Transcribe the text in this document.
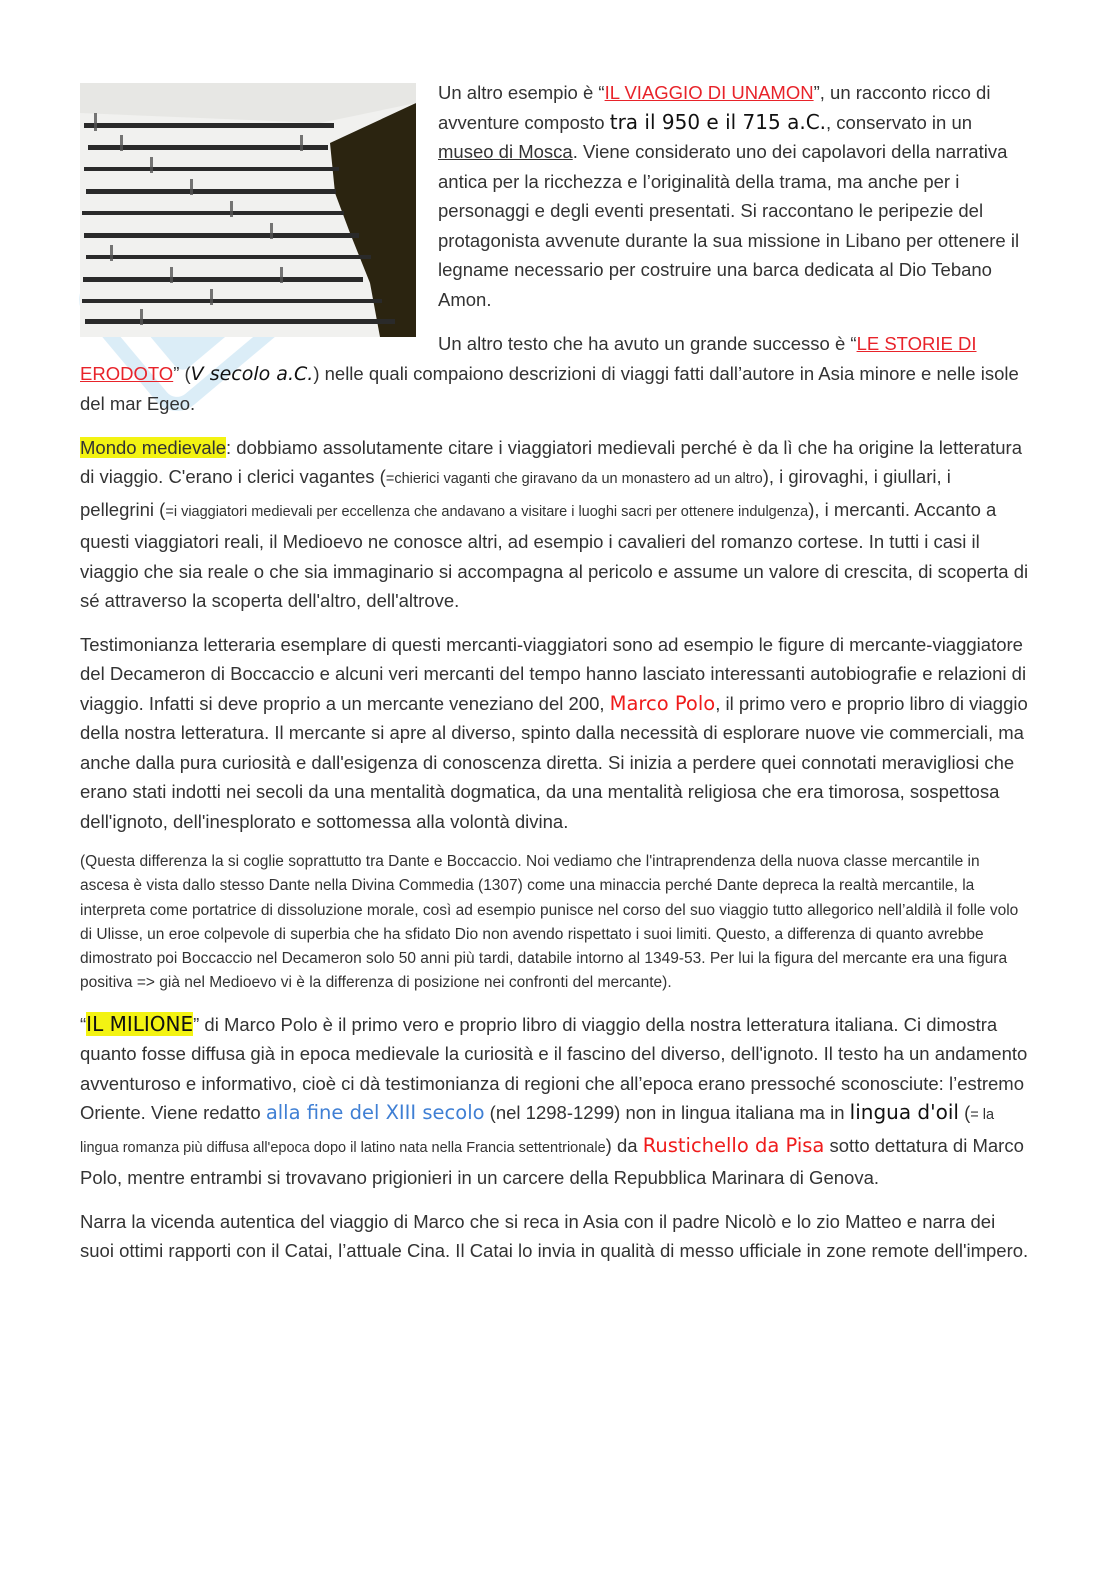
Un altro esempio è “IL VIAGGIO DI UNAMON”, un racconto ricco di avventure composto tra il 950 e il 715 a.C., conservato in un museo di Mosca. Viene considerato uno dei capolavori della narrativa antica per la ricchezza e l’originalità della trama, ma anche per i personaggi e degli eventi presentati. Si raccontano le peripezie del protagonista avvenute durante la sua missione in Libano per ottenere il legname necessario per costruire una barca dedicata al Dio Tebano Amon.

Un altro testo che ha avuto un grande successo è “LE STORIE DI ERODOTO” (V secolo a.C.) nelle quali compaiono descrizioni di viaggi fatti dall’autore in Asia minore e nelle isole del mar Egeo.

Mondo medievale: dobbiamo assolutamente citare i viaggiatori medievali perché è da lì che ha origine la letteratura di viaggio. C'erano i clerici vagantes (=chierici vaganti che giravano da un monastero ad un altro), i girovaghi, i giullari, i pellegrini (=i viaggiatori medievali per eccellenza che andavano a visitare i luoghi sacri per ottenere indulgenza), i mercanti. Accanto a questi viaggiatori reali, il Medioevo ne conosce altri, ad esempio i cavalieri del romanzo cortese. In tutti i casi il viaggio che sia reale o che sia immaginario si accompagna al pericolo e assume un valore di crescita, di scoperta di sé attraverso la scoperta dell'altro, dell'altrove.

Testimonianza letteraria esemplare di questi mercanti-viaggiatori sono ad esempio le figure di mercante-viaggiatore del Decameron di Boccaccio e alcuni veri mercanti del tempo hanno lasciato interessanti autobiografie e relazioni di viaggio. Infatti si deve proprio a un mercante veneziano del 200, Marco Polo, il primo vero e proprio libro di viaggio della nostra letteratura. Il mercante si apre al diverso, spinto dalla necessità di esplorare nuove vie commerciali, ma anche dalla pura curiosità e dall'esigenza di conoscenza diretta. Si inizia a perdere quei connotati meravigliosi che erano stati indotti nei secoli da una mentalità dogmatica, da una mentalità religiosa che era timorosa, sospettosa dell'ignoto, dell'inesplorato e sottomessa alla volontà divina.

(Questa differenza la si coglie soprattutto tra Dante e Boccaccio. Noi vediamo che l'intraprendenza della nuova classe mercantile in ascesa è vista dallo stesso Dante nella Divina Commedia (1307) come una minaccia perché Dante depreca la realtà mercantile, la interpreta come portatrice di dissoluzione morale, così ad esempio punisce nel corso del suo viaggio tutto allegorico nell’aldilà il folle volo di Ulisse, un eroe colpevole di superbia che ha sfidato Dio non avendo rispettato i suoi limiti. Questo, a differenza di quanto avrebbe dimostrato poi Boccaccio nel Decameron solo 50 anni più tardi, databile intorno al 1349-53. Per lui la figura del mercante era una figura positiva => già nel Medioevo vi è la differenza di posizione nei confronti del mercante).

“IL MILIONE” di Marco Polo è il primo vero e proprio libro di viaggio della nostra letteratura italiana. Ci dimostra quanto fosse diffusa già in epoca medievale la curiosità e il fascino del diverso, dell'ignoto. Il testo ha un andamento avventuroso e informativo, cioè ci dà testimonianza di regioni che all’epoca erano pressoché sconosciute: l’estremo Oriente. Viene redatto alla fine del XIII secolo (nel 1298-1299) non in lingua italiana ma in lingua d'oil (= la lingua romanza più diffusa all'epoca dopo il latino nata nella Francia settentrionale) da Rustichello da Pisa sotto dettatura di Marco Polo, mentre entrambi si trovavano prigionieri in un carcere della Repubblica Marinara di Genova.

Narra la vicenda autentica del viaggio di Marco che si reca in Asia con il padre Nicolò e lo zio Matteo e narra dei suoi ottimi rapporti con il Catai, l’attuale Cina. Il Catai lo invia in qualità di messo ufficiale in zone remote dell'impero.
